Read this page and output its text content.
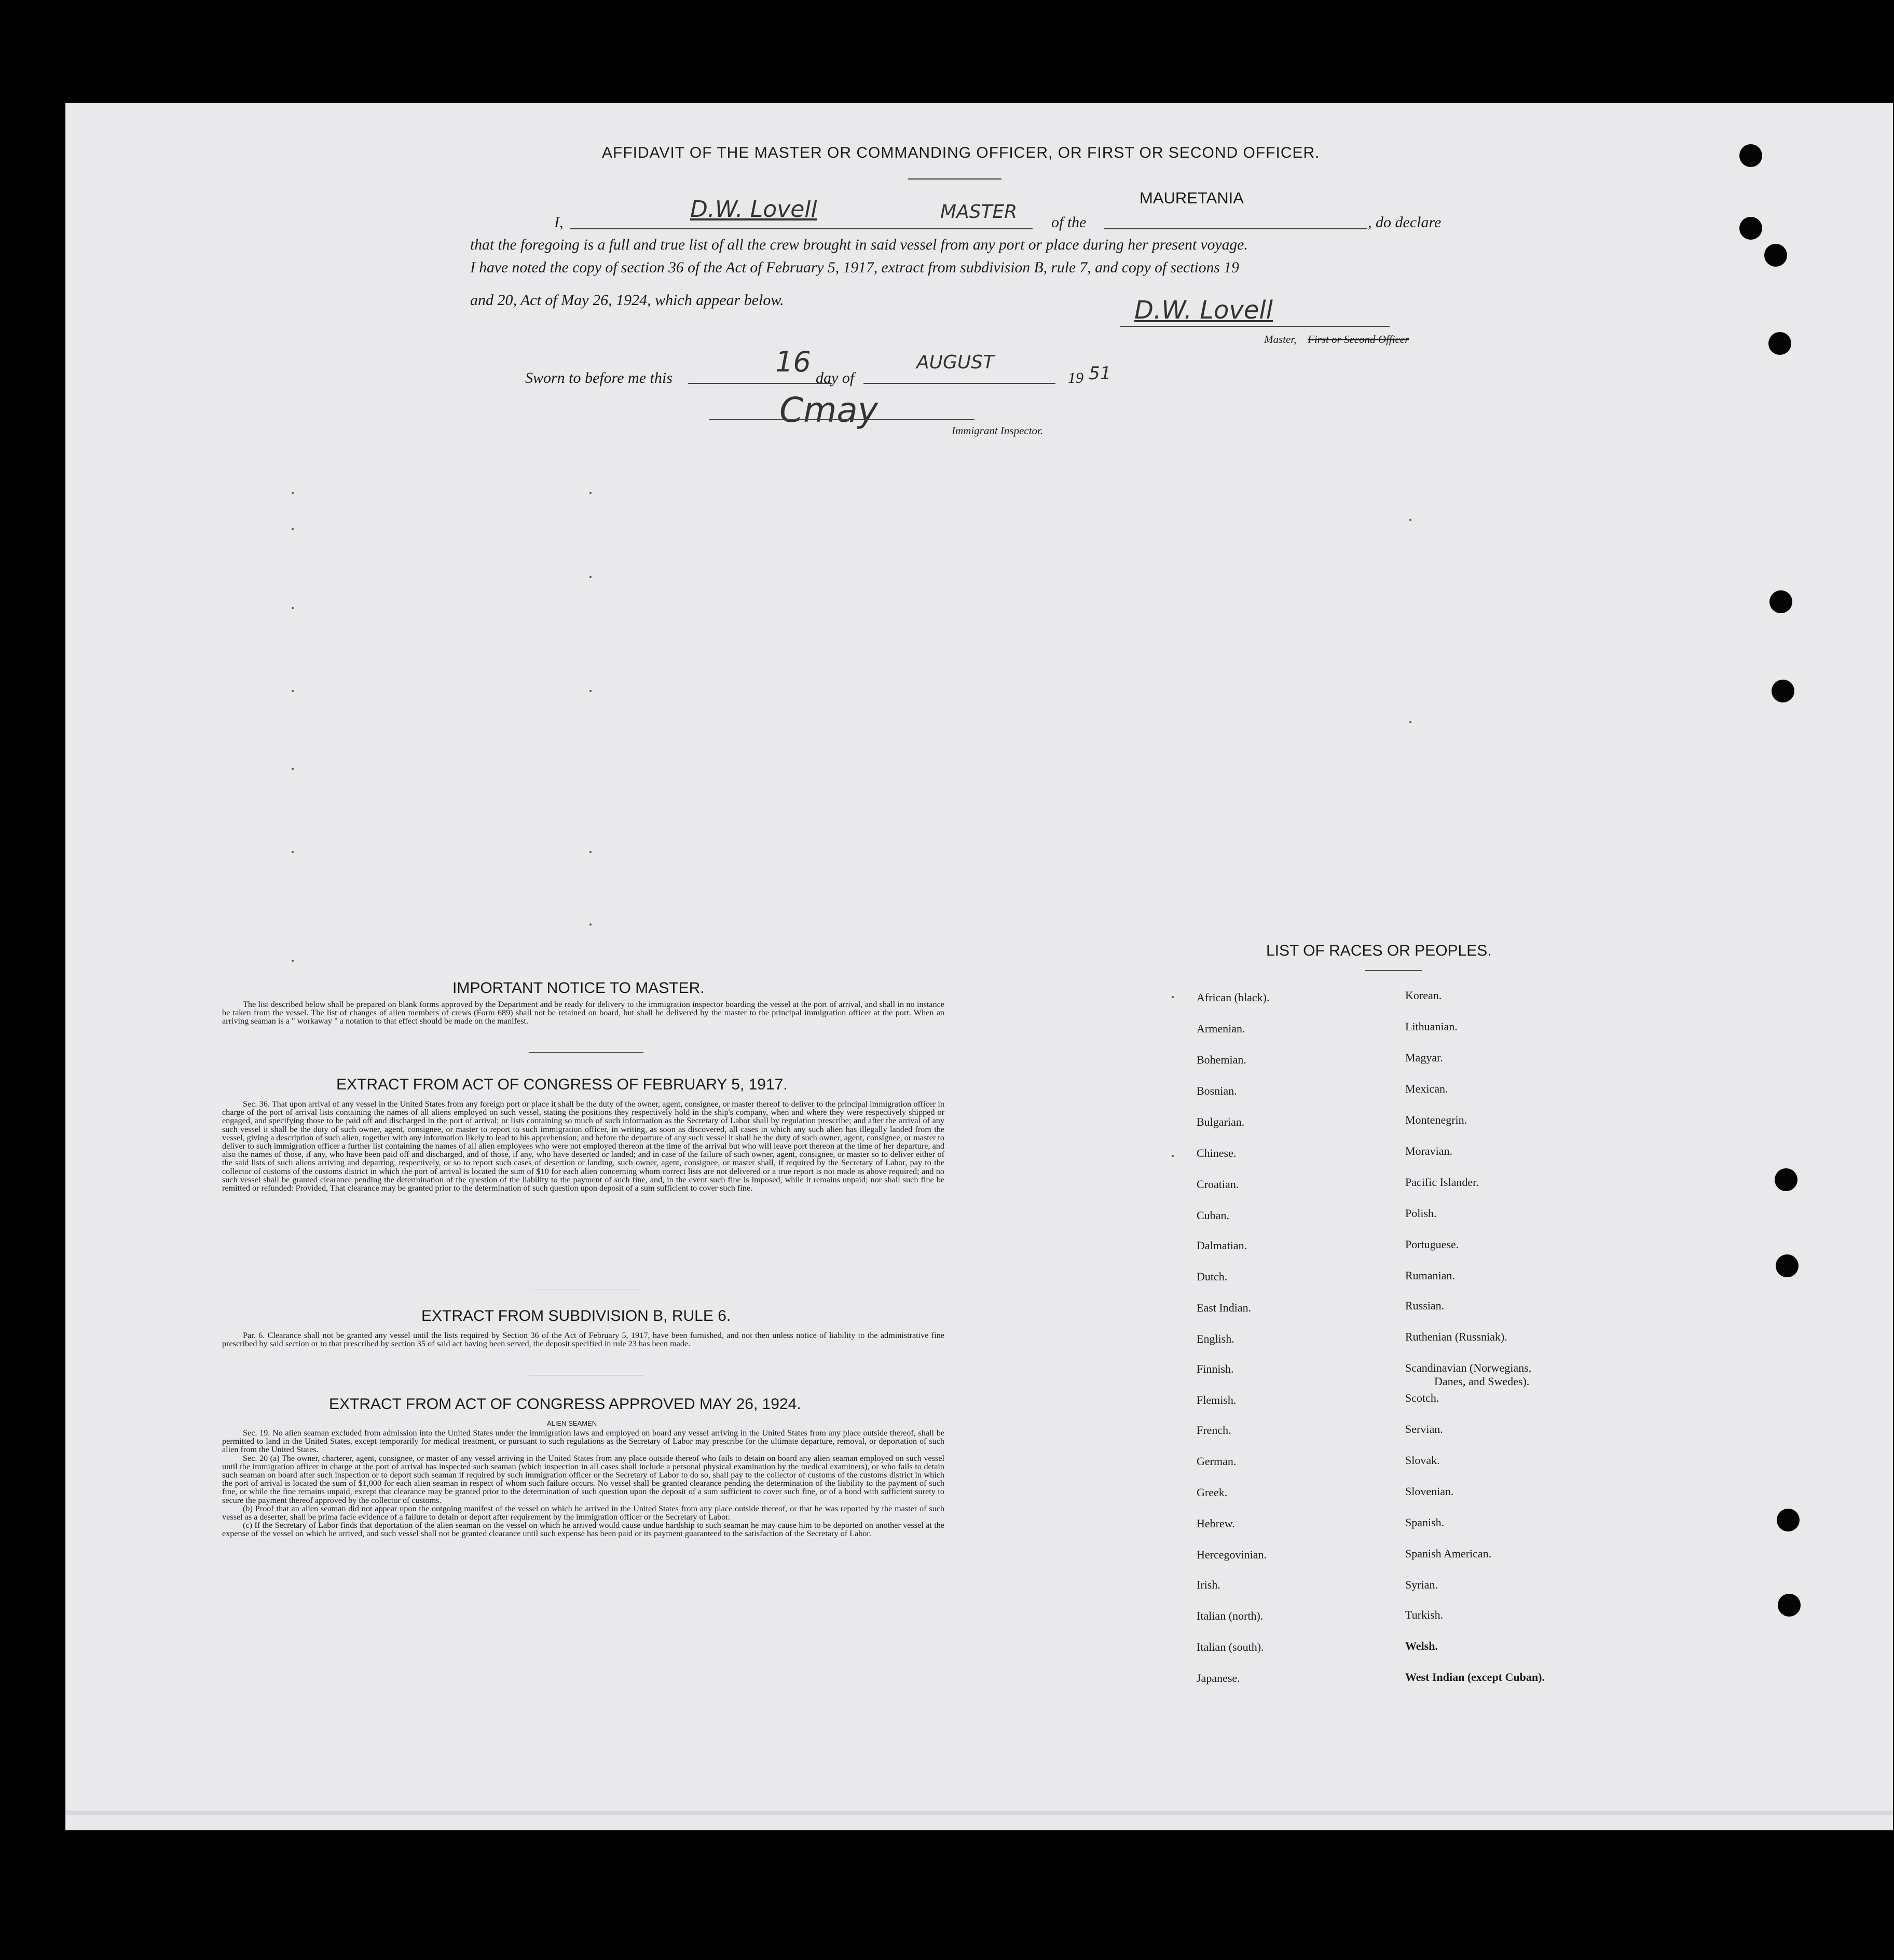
AFFIDAVIT OF THE MASTER OR COMMANDING OFFICER, OR FIRST OR SECOND OFFICER.
I,	D.W. Lovell	MASTER of the
MAURETANIA
, do declare
that the foregoing is a full and true list of all the crew brought in said vessel from any port or place during her present voyage.
I have noted the copy of section 36 of the Act of February 5, 1917, extract from subdivision B, rule 7, and copy of sections 19
and 20, Act of May 26, 1924, which appear below.	D.W. Lovell
Master, First or Second Officer
Sworn to before me this	16 day of
AUGUST
19 51
Cmay
Immigrant Inspector.
IMPORTANT NOTICE TO MASTER.

The list described below shall be prepared on blank forms approved by the Department and be ready for delivery to the immigration inspector boarding the vessel at the port of arrival, and shall in no instance be taken from the vessel. The list of changes of alien members of crews (Form 689) shall not be retained on board, but shall be delivered by the master to the principal immigration officer at the port. When an arriving seaman is a " workaway " a notation to that effect should be made on the manifest.

EXTRACT FROM ACT OF CONGRESS OF FEBRUARY 5, 1917.

Sec. 36. That upon arrival of any vessel in the United States from any foreign port or place it shall be the duty of the owner, agent, consignee, or master thereof to deliver to the principal immigration officer in charge of the port of arrival lists containing the names of all aliens employed on such vessel, stating the positions they respectively hold in the ship's company, when and where they were respectively shipped or engaged, and specifying those to be paid off and discharged in the port of arrival; or lists containing so much of such information as the Secretary of Labor shall by regulation prescribe; and after the arrival of any such vessel it shall be the duty of such owner, agent, consignee, or master to report to such immigration officer, in writing, as soon as discovered, all cases in which any such alien has illegally landed from the vessel, giving a description of such alien, together with any information likely to lead to his apprehension; and before the departure of any such vessel it shall be the duty of such owner, agent, consignee, or master to deliver to such immigration officer a further list containing the names of all alien employees who were not employed thereon at the time of the arrival but who will leave port thereon at the time of her departure, and also the names of those, if any, who have been paid off and discharged, and of those, if any, who have deserted or landed; and in case of the failure of such owner, agent, consignee, or master so to deliver either of the said lists of such aliens arriving and departing, respectively, or so to report such cases of desertion or landing, such owner, agent, consignee, or master shall, if required by the Secretary of Labor, pay to the collector of customs of the customs district in which the port of arrival is located the sum of $10 for each alien concerning whom correct lists are not delivered or a true report is not made as above required; and no such vessel shall be granted clearance pending the determination of the question of the liability to the payment of such fine, and, in the event such fine is imposed, while it remains unpaid; nor shall such fine be remitted or refunded: Provided, That clearance may be granted prior to the determination of such question upon deposit of a sum sufficient to cover such fine.

EXTRACT FROM SUBDIVISION B, RULE 6.

Par. 6. Clearance shall not be granted any vessel until the lists required by Section 36 of the Act of February 5, 1917, have been furnished, and not then unless notice of liability to the administrative fine prescribed by said section or to that prescribed by section 35 of said act having been served, the deposit specified in rule 23 has been made.

EXTRACT FROM ACT OF CONGRESS APPROVED MAY 26, 1924.
ALIEN SEAMEN

Sec. 19. No alien seaman excluded from admission into the United States under the immigration laws and employed on board any vessel arriving in the United States from any place outside thereof, shall be permitted to land in the United States, except temporarily for medical treatment, or pursuant to such regulations as the Secretary of Labor may prescribe for the ultimate departure, removal, or deportation of such alien from the United States.

Sec. 20 (a) The owner, charterer, agent, consignee, or master of any vessel arriving in the United States from any place outside thereof who fails to detain on board any alien seaman employed on such vessel until the immigration officer in charge at the port of arrival has inspected such seaman (which inspection in all cases shall include a personal physical examination by the medical examiners), or who fails to detain such seaman on board after such inspection or to deport such seaman if required by such immigration officer or the Secretary of Labor to do so, shall pay to the collector of customs of the customs district in which the port of arrival is located the sum of $1,000 for each alien seaman in respect of whom such failure occurs. No vessel shall be granted clearance pending the determination of the liability to the payment of such fine, or while the fine remains unpaid, except that clearance may be granted prior to the determination of such question upon the deposit of a sum sufficient to cover such fine, or of a bond with sufficient surety to secure the payment thereof approved by the collector of customs.

(b) Proof that an alien seaman did not appear upon the outgoing manifest of the vessel on which he arrived in the United States from any place outside thereof, or that he was reported by the master of such vessel as a deserter, shall be prima facie evidence of a failure to detain or deport after requirement by the immigration officer or the Secretary of Labor.

(c) If the Secretary of Labor finds that deportation of the alien seaman on the vessel on which he arrived would cause undue hardship to such seaman he may cause him to be deported on another vessel at the expense of the vessel on which he arrived, and such vessel shall not be granted clearance until such expense has been paid or its payment guaranteed to the satisfaction of the Secretary of Labor.

LIST OF RACES OR PEOPLES.
African (black).
Armenian.
Bohemian.
Bosnian.
Bulgarian.
Chinese.
Croatian.
Cuban.
Dalmatian.
Dutch.
East Indian.
English.
Finnish.
Flemish.
French.
German.
Greek.
Hebrew.
Hercegovinian.
Irish.
Italian (north).
Italian (south).
Japanese.
Korean.
Lithuanian.
Magyar.
Mexican.
Montenegrin.
Moravian.
Pacific Islander.
Polish.
Portuguese.
Rumanian.
Russian.
Ruthenian (Russniak).
Scandinavian (Norwegians,
Danes, and Swedes).
Scotch.
Servian.
Slovak.
Slovenian.
Spanish.
Spanish American.
Syrian.
Turkish.
Welsh.
West Indian (except Cuban).
